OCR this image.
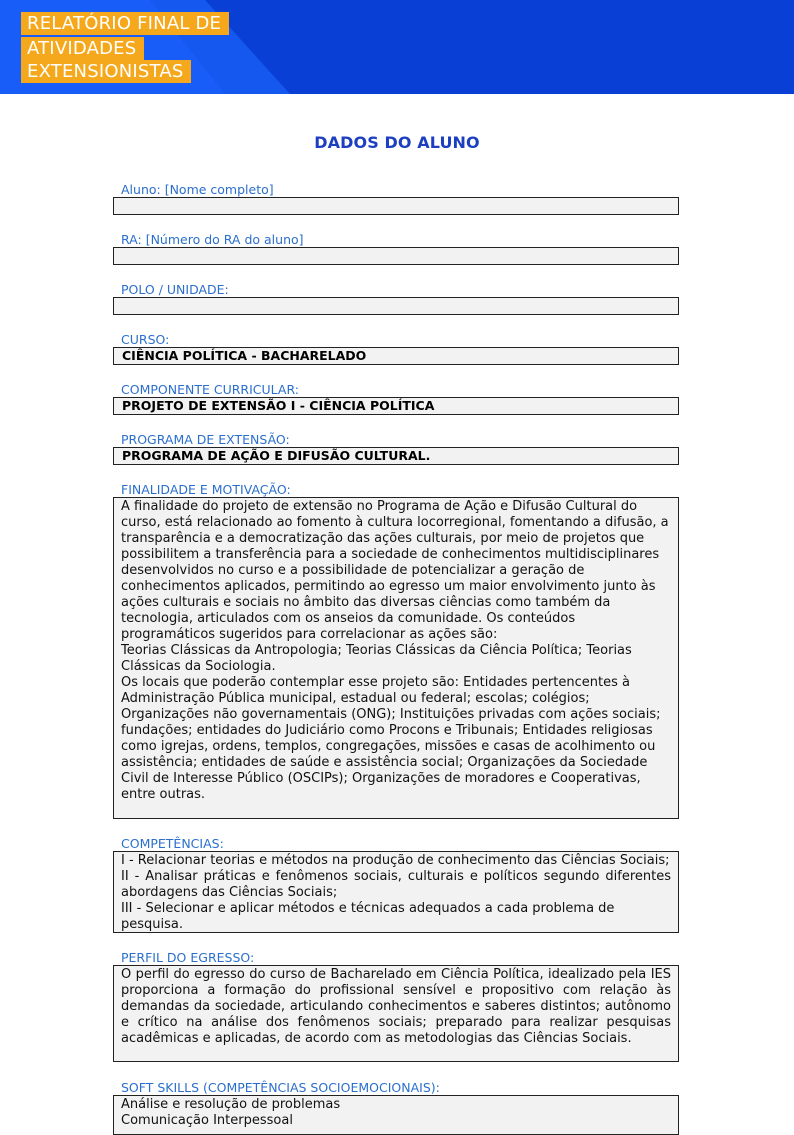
RELATÓRIO FINAL DE
ATIVIDADES
EXTENSIONISTAS
DADOS DO ALUNO
Aluno: [Nome completo]
RA: [Número do RA do aluno]
POLO / UNIDADE:
CURSO:
CIÊNCIA POLÍTICA - BACHARELADO
COMPONENTE CURRICULAR:
PROJETO DE EXTENSÃO I - CIÊNCIA POLÍTICA
PROGRAMA DE EXTENSÃO:
PROGRAMA DE AÇÃO E DIFUSÃO CULTURAL.
FINALIDADE E MOTIVAÇÃO:

A finalidade do projeto de extensão no Programa de Ação e Difusão Cultural do curso, está relacionado ao fomento à cultura locorregional, fomentando a difusão, a transparência e a democratização das ações culturais, por meio de projetos que possibilitem a transferência para a sociedade de conhecimentos multidisciplinares desenvolvidos no curso e a possibilidade de potencializar a geração de conhecimentos aplicados, permitindo ao egresso um maior envolvimento junto às ações culturais e sociais no âmbito das diversas ciências como também da tecnologia, articulados com os anseios da comunidade. Os conteúdos programáticos sugeridos para correlacionar as ações são:

Teorias Clássicas da Antropologia; Teorias Clássicas da Ciência Política; Teorias Clássicas da Sociologia.

Os locais que poderão contemplar esse projeto são: Entidades pertencentes à Administração Pública municipal, estadual ou federal; escolas; colégios; Organizações não governamentais (ONG); Instituições privadas com ações sociais; fundações; entidades do Judiciário como Procons e Tribunais; Entidades religiosas como igrejas, ordens, templos, congregações, missões e casas de acolhimento ou assistência; entidades de saúde e assistência social; Organizações da Sociedade Civil de Interesse Público (OSCIPs); Organizações de moradores e Cooperativas, entre outras.

COMPETÊNCIAS:

I - Relacionar teorias e métodos na produção de conhecimento das Ciências Sociais;

II - Analisar práticas e fenômenos sociais, culturais e políticos segundo diferentes abordagens das Ciências Sociais;

III - Selecionar e aplicar métodos e técnicas adequados a cada problema de pesquisa.

PERFIL DO EGRESSO:

O perfil do egresso do curso de Bacharelado em Ciência Política, idealizado pela IES proporciona a formação do profissional sensível e propositivo com relação às demandas da sociedade, articulando conhecimentos e saberes distintos; autônomo e crítico na análise dos fenômenos sociais; preparado para realizar pesquisas acadêmicas e aplicadas, de acordo com as metodologias das Ciências Sociais.

SOFT SKILLS (COMPETÊNCIAS SOCIOEMOCIONAIS):

Análise e resolução de problemas

Comunicação Interpessoal
